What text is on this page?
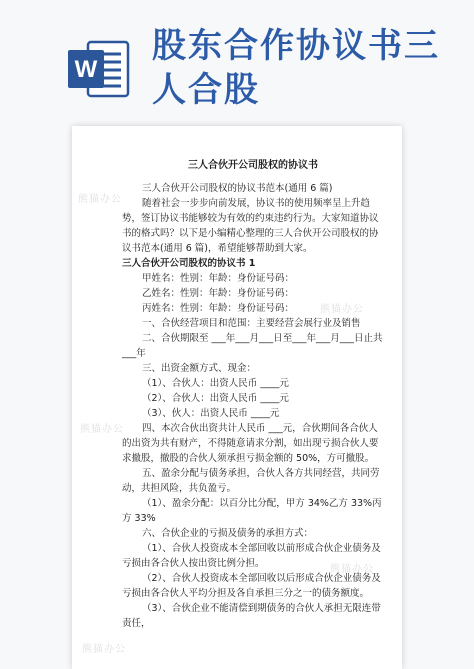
W
股东合作协议书三人合股
熊猫办公
熊猫办公
熊猫办公
熊猫办公
熊猫办公

三人合伙开公司股权的协议书

三人合伙开公司股权的协议书范本(通用 6 篇)

随着社会一步步向前发展，协议书的使用频率呈上升趋势，签订协议书能够较为有效的约束违约行为。大家知道协议书的格式吗？以下是小编精心整理的三人合伙开公司股权的协议书范本(通用 6 篇)，希望能够帮助到大家。

三人合伙开公司股权的协议书 1

甲姓名：性别：年龄：身份证号码：

乙姓名：性别：年龄：身份证号码：

丙姓名：性别：年龄：身份证号码：

一、合伙经营项目和范围：主要经营会展行业及销售

二、合伙期限至 ___年___月___日至___年___月___日止共___年

三、出资金额方式、现金：

（1）、合伙人：出资人民币 ____元

（2）、合伙人：出资人民币 ____元

（3）、伙人：出资人民币 ____元

四、本次合伙出资共计人民币 ___元，合伙期间各合伙人的出资为共有财产，不得随意请求分割，如出现亏损合伙人要求撤股，撤股的合伙人须承担亏损金额的 50%，方可撤股。

五、盈余分配与债务承担，合伙人各方共同经营，共同劳动，共担风险，共负盈亏。

（1）、盈余分配：以百分比分配，甲方 34%乙方 33%丙方 33%

六、合伙企业的亏损及债务的承担方式：

（1）、合伙人投资成本全部回收以前形成合伙企业债务及亏损由各合伙人按出资比例分担。

（2）、合伙人投资成本全部回收以后形成合伙企业债务及亏损由各合伙人平均分担及各自承担三分之一的债务额度。

（3）、合伙企业不能清偿到期债务的合伙人承担无限连带责任，
